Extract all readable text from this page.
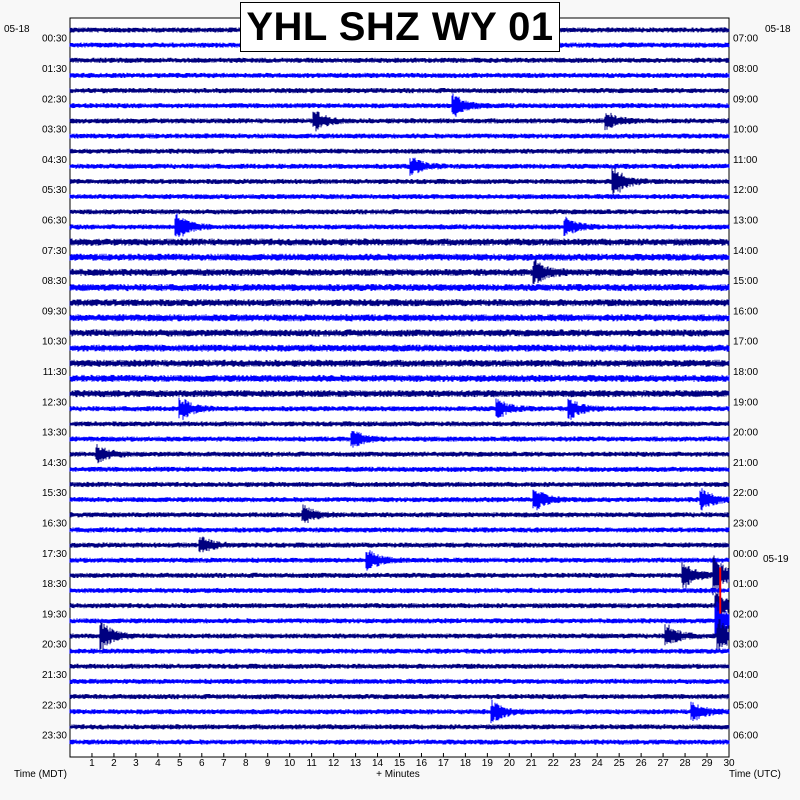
1 2 3 4 5 6 7 8 9 10 11 12 13 14 15 16 17 18 19 20 21 22 23 24 25 26 27 28 29 30
00:30
01:30
02:30
03:30
04:30
05:30
06:30
07:30
08:30
09:30
10:30
11:30
12:30
13:30
14:30
15:30
16:30
17:30
18:30
19:30
20:30
21:30
22:30
23:30
07:00
08:00
09:00
10:00
11:00
12:00
13:00
14:00
15:00
16:00
17:00
18:00
19:00
20:00
21:00
22:00
23:00
00:00
01:00
02:00
03:00
04:00
05:00
06:00
05-18	05-18
05-19
Time (MDT)	+ Minutes	Time (UTC)
YHL SHZ WY 01
